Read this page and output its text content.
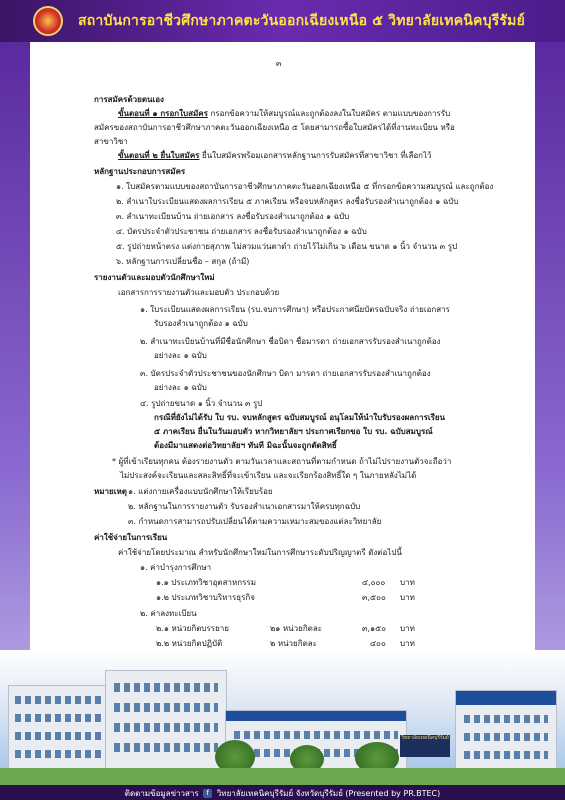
สถาบันการอาชีวศึกษาภาคตะวันออกเฉียงเหนือ ๕ วิทยาลัยเทคนิคบุรีรัมย์
๓
การสมัครด้วยตนเอง
ขั้นตอนที่ ๑ กรอกใบสมัคร กรอกข้อความให้สมบูรณ์และถูกต้องลงในใบสมัคร ตามแบบของการรับ
สมัครของสถาบันการอาชีวศึกษาภาคตะวันออกเฉียงเหนือ ๕ โดยสามารถซื้อใบสมัครได้ที่งานทะเบียน หรือ
สาขาวิชา
ขั้นตอนที่ ๒ ยื่นใบสมัคร ยื่นใบสมัครพร้อมเอกสารหลักฐานการรับสมัครที่สาขาวิชา ที่เลือกไว้
หลักฐานประกอบการสมัคร
๑. ใบสมัครตามแบบของสถาบันการอาชีวศึกษาภาคตะวันออกเฉียงเหนือ ๕ ที่กรอกข้อความสมบูรณ์ และถูกต้อง
๒. สำเนาใบระเบียนแสดงผลการเรียน ๕ ภาคเรียน หรือจบหลักสูตร ลงชื่อรับรองสำเนาถูกต้อง ๑ ฉบับ
๓. สำเนาทะเบียนบ้าน ถ่ายเอกสาร ลงชื่อรับรองสำเนาถูกต้อง ๑ ฉบับ
๔. บัตรประจำตัวประชาชน ถ่ายเอกสาร ลงชื่อรับรองสำเนาถูกต้อง ๑ ฉบับ
๕. รูปถ่ายหน้าตรง แต่งกายสุภาพ ไม่สวมแว่นตาดำ ถ่ายไว้ไม่เกิน ๖ เดือน ขนาด ๑ นิ้ว จำนวน ๓ รูป
๖. หลักฐานการเปลี่ยนชื่อ – สกุล (ถ้ามี)
รายงานตัวและมอบตัวนักศึกษาใหม่
เอกสารการรายงานตัวและมอบตัว ประกอบด้วย
๑. ใบระเบียนแสดงผลการเรียน (รบ.จบการศึกษา) หรือประกาศนียบัตรฉบับจริง ถ่ายเอกสาร
รับรองสำเนาถูกต้อง ๑ ฉบับ
๒. สำเนาทะเบียนบ้านที่มีชื่อนักศึกษา ชื่อบิดา ชื่อมารดา ถ่ายเอกสารรับรองสำเนาถูกต้อง
อย่างละ ๑ ฉบับ
๓. บัตรประจำตัวประชาชนของนักศึกษา บิดา มารดา ถ่ายเอกสารรับรองสำเนาถูกต้อง
อย่างละ ๑ ฉบับ
๔. รูปถ่ายขนาด ๑ นิ้ว จำนวน ๓ รูป
กรณีที่ยังไม่ได้รับ ใบ รบ. จบหลักสูตร ฉบับสมบูรณ์ อนุโลมให้นำใบรับรองผลการเรียน
๕ ภาคเรียน ยื่นในวันมอบตัว หากวิทยาลัยฯ ประกาศเรียกขอ ใบ รบ. ฉบับสมบูรณ์
ต้องมีมาแสดงต่อวิทยาลัยฯ ทันที มิฉะนั้นจะถูกตัดสิทธิ์
* ผู้ที่เข้าเรียนทุกคน ต้องรายงานตัว ตามวันเวลาและสถานที่ตามกำหนด ถ้าไม่ไปรายงานตัวจะถือว่า
ไม่ประสงค์จะเรียนและสละสิทธิ์ที่จะเข้าเรียน และจะเรียกร้องสิทธิ์ใด ๆ ในภายหลังไม่ได้
หมายเหตุ ๑. แต่งกายเครื่องแบบนักศึกษาให้เรียบร้อย
๒. หลักฐานในการรายงานตัว รับรองสำเนาเอกสารมาให้ครบทุกฉบับ
๓. กำหนดการสามารถปรับเปลี่ยนได้ตามความเหมาะสมของแต่ละวิทยาลัย
ค่าใช้จ่ายในการเรียน
ค่าใช้จ่ายโดยประมาณ สำหรับนักศึกษาใหม่ในการศึกษาระดับปริญญาตรี ดังต่อไปนี้
๑. ค่าบำรุงการศึกษา
๑.๑ ประเภทวิชาอุตสาหกรรม	๔,๐๐๐ บาท
๑.๒ ประเภทวิชาบริหารธุรกิจ	๓,๕๐๐ บาท
๒. ค่าลงทะเบียน
๒.๑ หน่วยกิตบรรยาย	๒๑ หน่วยกิตละ	๓,๑๕๐ บาท
๒.๒ หน่วยกิตปฏิบัติ	๒ หน่วยกิตละ	๔๐๐ บาท
วิทยาลัยเทคนิคบุรีรัมย์
ติดตามข้อมูลข่าวสาร f วิทยาลัยเทคนิคบุรีรัมย์ จังหวัดบุรีรัมย์ (Presented by PR.BTEC)
